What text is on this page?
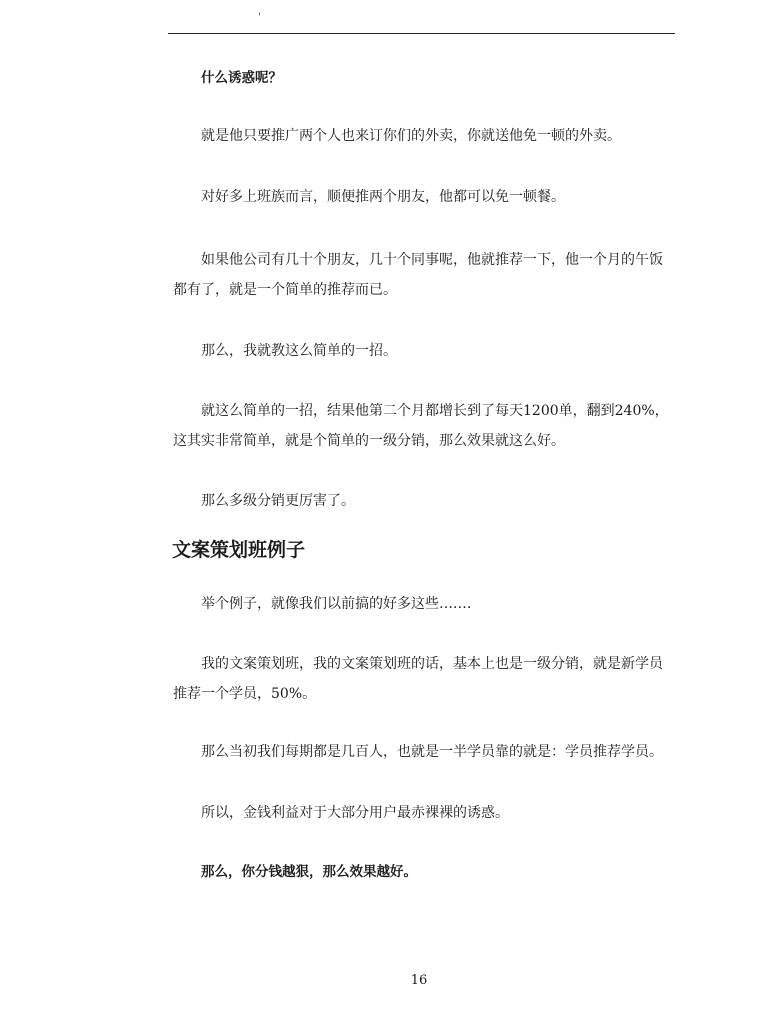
'

什么诱惑呢？

就是他只要推广两个人也来订你们的外卖，你就送他免一顿的外卖。

对好多上班族而言，顺便推两个朋友，他都可以免一顿餐。

如果他公司有几十个朋友，几十个同事呢，他就推荐一下，他一个月的午饭
都有了，就是一个简单的推荐而已。

那么，我就教这么简单的一招。

就这么简单的一招，结果他第二个月都增长到了每天1200单，翻到240%，
这其实非常简单，就是个简单的一级分销，那么效果就这么好。

那么多级分销更厉害了。

文案策划班例子

举个例子，就像我们以前搞的好多这些….…

我的文案策划班，我的文案策划班的话，基本上也是一级分销，就是新学员
推荐一个学员，50%。

那么当初我们每期都是几百人，也就是一半学员靠的就是：学员推荐学员。

所以，金钱利益对于大部分用户最赤裸裸的诱惑。

那么，你分钱越狠，那么效果越好。

16
